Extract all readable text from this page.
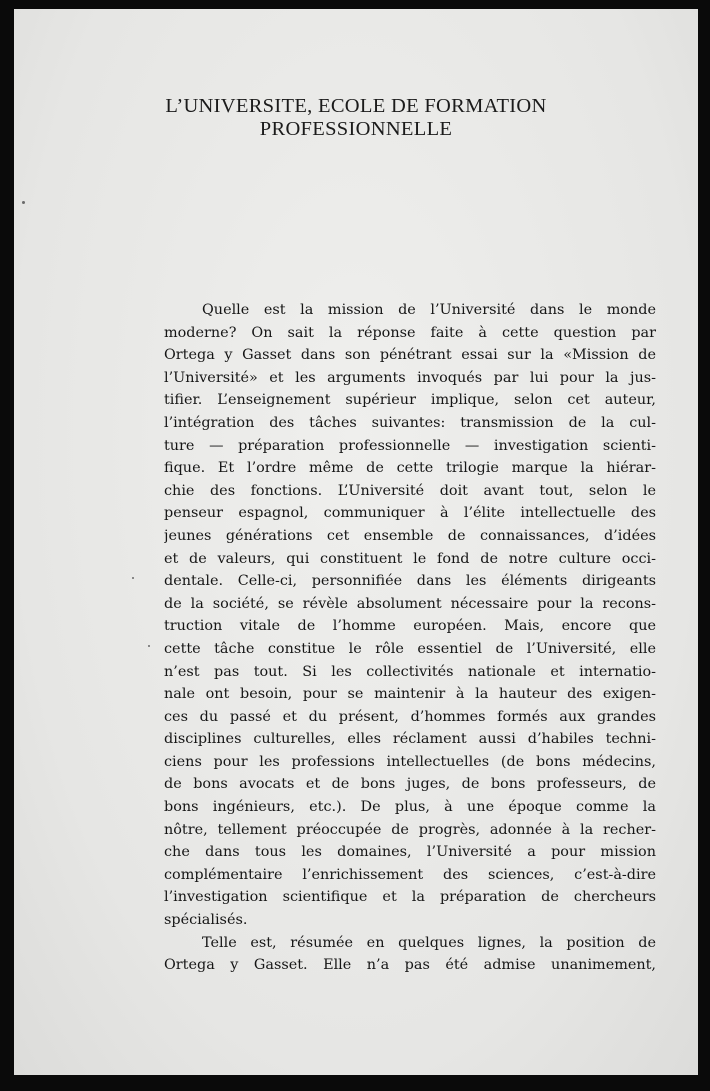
L’UNIVERSITE, ECOLE DE FORMATION
PROFESSIONNELLE
Quelle est la mission de l’Université dans le monde
moderne? On sait la réponse faite à cette question par
Ortega y Gasset dans son pénétrant essai sur la «Mission de
l’Université» et les arguments invoqués par lui pour la jus-
tifier. L’enseignement supérieur implique, selon cet auteur,
l’intégration des tâches suivantes: transmission de la cul-
ture — préparation professionnelle — investigation scienti-
fique. Et l’ordre même de cette trilogie marque la hiérar-
chie des fonctions. L’Université doit avant tout, selon le
penseur espagnol, communiquer à l’élite intellectuelle des
jeunes générations cet ensemble de connaissances, d’idées
et de valeurs, qui constituent le fond de notre culture occi-
dentale. Celle-ci, personnifiée dans les éléments dirigeants
de la société, se révèle absolument nécessaire pour la recons-
truction vitale de l’homme européen. Mais, encore que
cette tâche constitue le rôle essentiel de l’Université, elle
n’est pas tout. Si les collectivités nationale et internatio-
nale ont besoin, pour se maintenir à la hauteur des exigen-
ces du passé et du présent, d’hommes formés aux grandes
disciplines culturelles, elles réclament aussi d’habiles techni-
ciens pour les professions intellectuelles (de bons médecins,
de bons avocats et de bons juges, de bons professeurs, de
bons ingénieurs, etc.). De plus, à une époque comme la
nôtre, tellement préoccupée de progrès, adonnée à la recher-
che dans tous les domaines, l’Université a pour mission
complémentaire l’enrichissement des sciences, c’est-à-dire
l’investigation scientifique et la préparation de chercheurs
spécialisés.
Telle est, résumée en quelques lignes, la position de
Ortega y Gasset. Elle n’a pas été admise unanimement,
